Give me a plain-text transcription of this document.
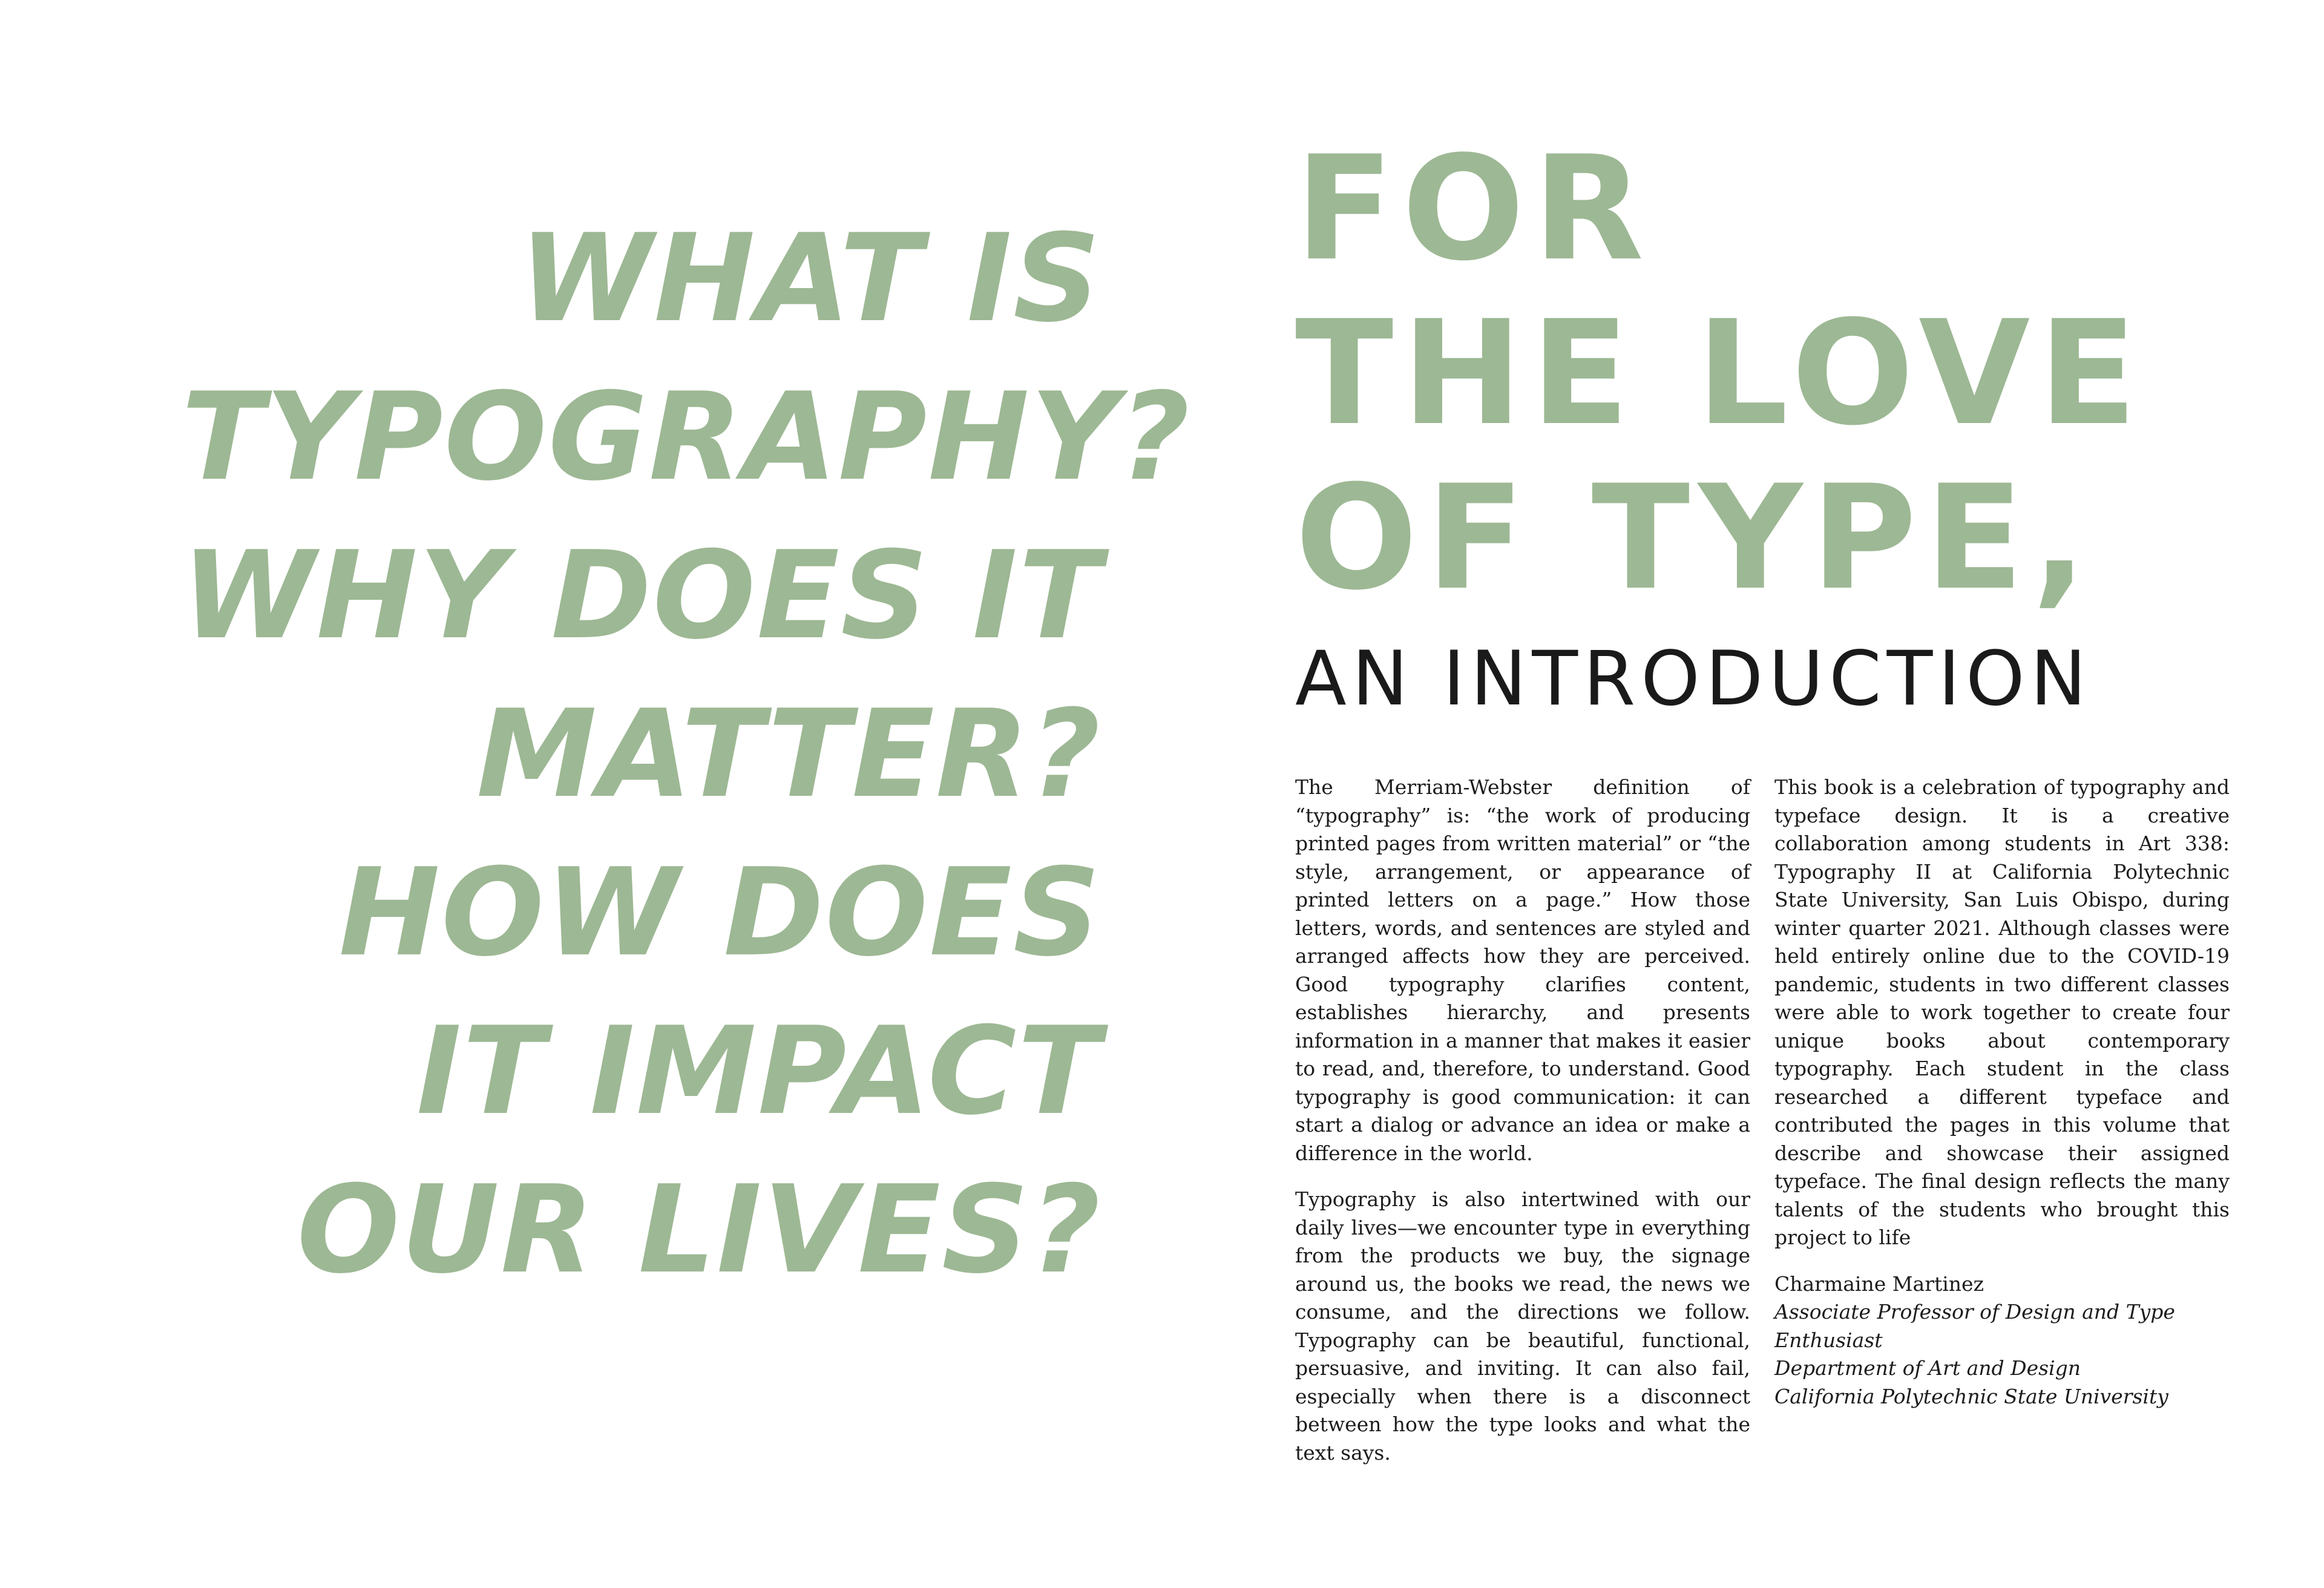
WHAT IS
TYPOGRAPHY?
WHY DOES IT
MATTER?
HOW DOES
IT IMPACT
OUR LIVES?
FOR
THE LOVE
OF TYPE,
AN INTRODUCTION

The Merriam-Webster definition of “typography” is: “the work of producing printed pages from written material” or “the style, arrangement, or appearance of printed letters on a page.” How those letters, words, and sentences are styled and arranged affects how they are perceived. Good typography clarifies content, establishes hierarchy, and presents information in a manner that makes it easier to read, and, therefore, to understand. Good typography is good communication: it can start a dialog or advance an idea or make a difference in the world.

Typography is also intertwined with our daily lives—we encounter type in everything from the products we buy, the signage around us, the books we read, the news we consume, and the directions we follow. Typography can be beautiful, functional, persuasive, and inviting. It can also fail, especially when there is a disconnect between how the type looks and what the text says.

This book is a celebration of typography and typeface design. It is a creative collaboration among students in Art 338: Typography II at California Polytechnic State University, San Luis Obispo, during winter quarter 2021. Although classes were held entirely online due to the COVID-19 pandemic, students in two different classes were able to work together to create four unique books about contemporary typography. Each student in the class researched a different typeface and contributed the pages in this volume that describe and showcase their assigned typeface. The final design reflects the many talents of the students who brought this project to life

Charmaine Martinez
Associate Professor of Design and Type Enthusiast
Department of Art and Design
California Polytechnic State University
